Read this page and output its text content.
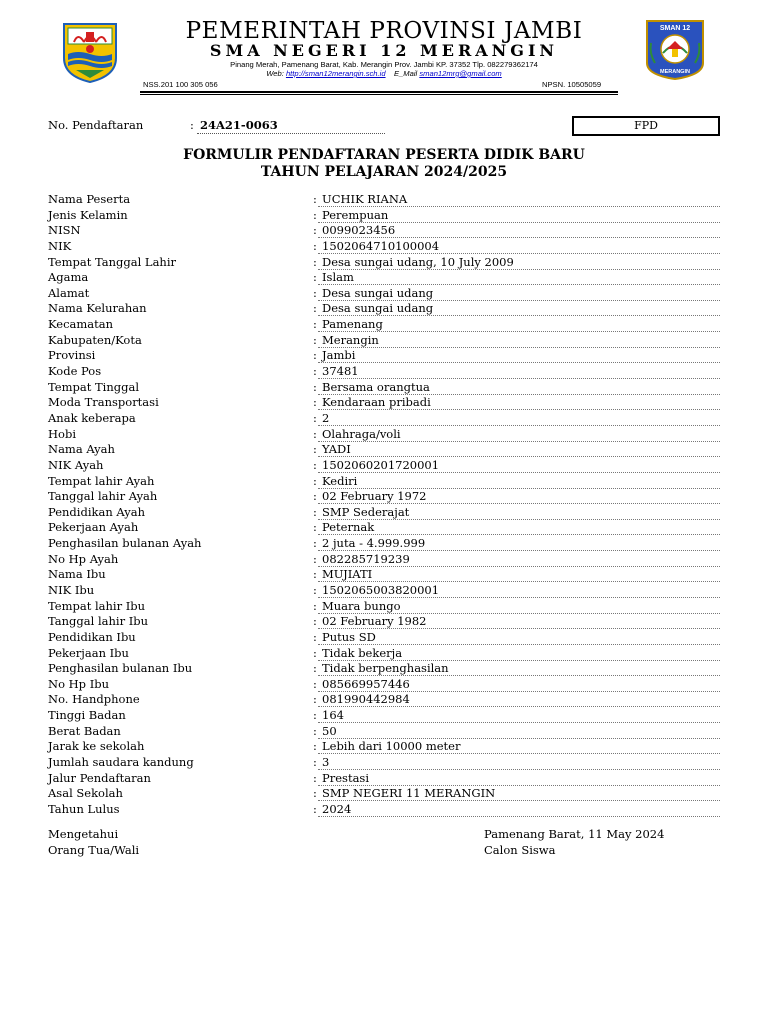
PEMERINTAH PROVINSI JAMBI
SMA NEGERI 12 MERANGIN
Pinang Merah, Pamenang Barat, Kab. Merangin Prov. Jambi KP. 37352 Tlp. 082279362174
Web: http://sman12merangin.sch.id E_Mail sman12mrg@gmail.com
NSS.201 100 305 056	NPSN. 10505059
SMAN 12
MERANGIN
No. Pendaftaran	: 24A21-0063	FPD
FORMULIR PENDAFTARAN PESERTA DIDIK BARU
TAHUN PELAJARAN 2024/2025
Nama Peserta	: UCHIK RIANA
Jenis Kelamin	: Perempuan
NISN	: 0099023456
NIK	: 1502064710100004
Tempat Tanggal Lahir	: Desa sungai udang, 10 July 2009
Agama	: Islam
Alamat	: Desa sungai udang
Nama Kelurahan	: Desa sungai udang
Kecamatan	: Pamenang
Kabupaten/Kota	: Merangin
Provinsi	: Jambi
Kode Pos	: 37481
Tempat Tinggal	: Bersama orangtua
Moda Transportasi	: Kendaraan pribadi
Anak keberapa	: 2
Hobi	: Olahraga/voli
Nama Ayah	: YADI
NIK Ayah	: 1502060201720001
Tempat lahir Ayah	: Kediri
Tanggal lahir Ayah	: 02 February 1972
Pendidikan Ayah	: SMP Sederajat
Pekerjaan Ayah	: Peternak
Penghasilan bulanan Ayah	: 2 juta - 4.999.999
No Hp Ayah	: 082285719239
Nama Ibu	: MUJIATI
NIK Ibu	: 1502065003820001
Tempat lahir Ibu	: Muara bungo
Tanggal lahir Ibu	: 02 February 1982
Pendidikan Ibu	: Putus SD
Pekerjaan Ibu	: Tidak bekerja
Penghasilan bulanan Ibu	: Tidak berpenghasilan
No Hp Ibu	: 085669957446
No. Handphone	: 081990442984
Tinggi Badan	: 164
Berat Badan	: 50
Jarak ke sekolah	: Lebih dari 10000 meter
Jumlah saudara kandung	: 3
Jalur Pendaftaran	: Prestasi
Asal Sekolah	: SMP NEGERI 11 MERANGIN
Tahun Lulus	: 2024
Mengetahui
Orang Tua/Wali
Pamenang Barat, 11 May 2024
Calon Siswa
